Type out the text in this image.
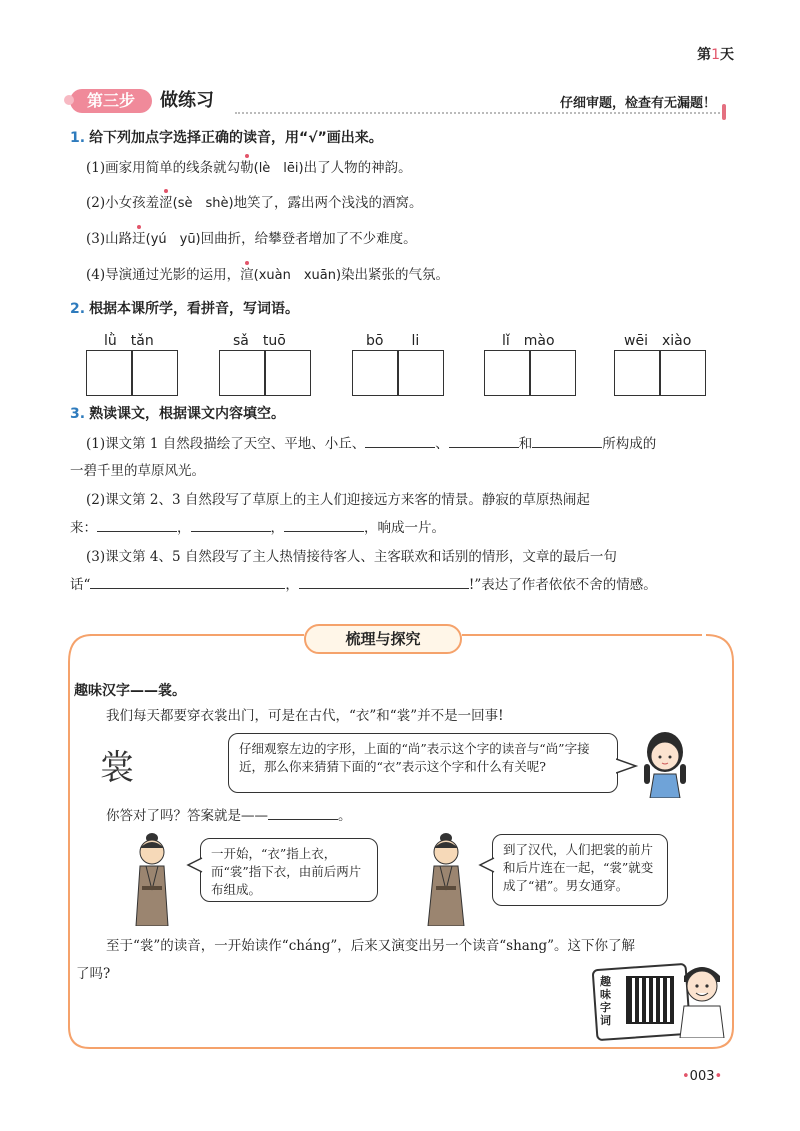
第1天
第三步	做练习	仔细审题，检查有无漏题！
1. 给下列加点字选择正确的读音，用“√”画出来。
(1)画家用简单的线条就勾勒(lè　lēi)出了人物的神韵。
(2)小女孩羞涩(sè　shè)地笑了，露出两个浅浅的酒窝。
(3)山路迂(yú　yū)回曲折，给攀登者增加了不少难度。
(4)导演通过光影的运用，渲(xuàn　xuān)染出紧张的气氛。
2. 根据本课所学，看拼音，写词语。
lǜ　tǎn	sǎ　tuō	bō　　li	lǐ　mào	wēi　xiào
3. 熟读课文，根据课文内容填空。
(1)课文第 1 自然段描绘了天空、平地、小丘、	、	和	所构成的
一碧千里的草原风光。
(2)课文第 2、3 自然段写了草原上的主人们迎接远方来客的情景。静寂的草原热闹起
来：	，	，	，响成一片。
(3)课文第 4、5 自然段写了主人热情接待客人、主客联欢和话别的情形，文章的最后一句
话“	，	!”表达了作者依依不舍的情感。
梳理与探究
趣味汉字——裳。
我们每天都要穿衣裳出门，可是在古代，“衣”和“裳”并不是一回事!
裳	仔细观察左边的字形，上面的“尚”表示这个字的读音与“尚”字接近，那么你来猜猜下面的“衣”表示这个字和什么有关呢?
你答对了吗？答案就是——	。
一开始，“衣”指上衣，而“裳”指下衣，由前后两片布组成。
到了汉代，人们把裳的前片和后片连在一起，“裳”就变成了“裙”。男女通穿。
至于“裳”的读音，一开始读作“cháng”，后来又演变出另一个读音“shang”。这下你了解
了吗?	趣味字词
•003•
